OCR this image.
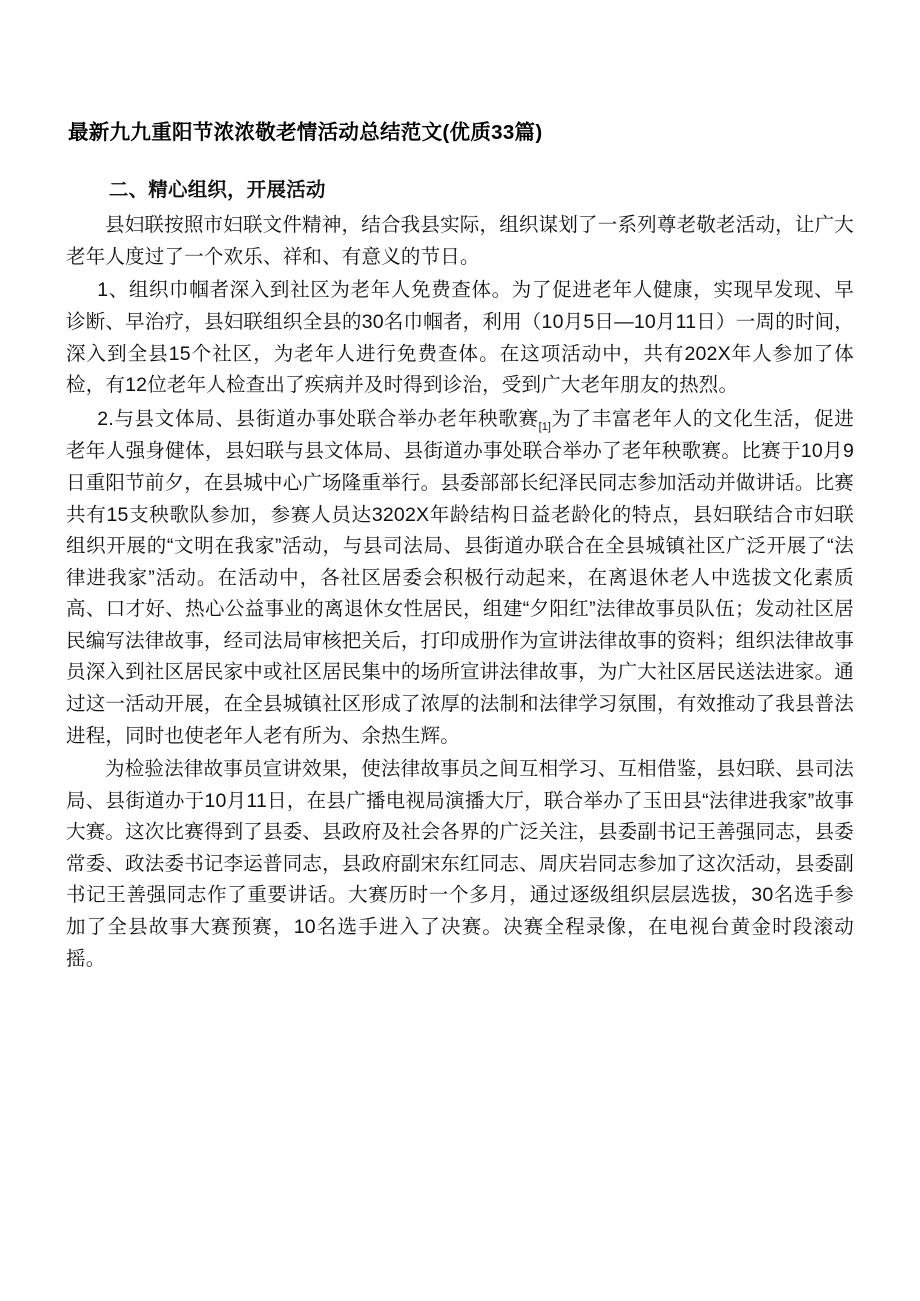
最新九九重阳节浓浓敬老情活动总结范文(优质33篇)

二、精心组织，开展活动

县妇联按照市妇联文件精神，结合我县实际，组织谋划了一系列尊老敬老活动，让广大老年人度过了一个欢乐、祥和、有意义的节日。

1、组织巾帼者深入到社区为老年人免费查体。为了促进老年人健康，实现早发现、早诊断、早治疗，县妇联组织全县的30名巾帼者，利用（10月5日—10月11日）一周的时间，深入到全县15个社区，为老年人进行免费查体。在这项活动中，共有202X年人参加了体检，有12位老年人检查出了疾病并及时得到诊治，受到广大老年朋友的热烈。

2.与县文体局、县街道办事处联合举办老年秧歌赛$_{[1]}$为了丰富老年人的文化生活，促进老年人强身健体，县妇联与县文体局、县街道办事处联合举办了老年秧歌赛。比赛于10月9日重阳节前夕，在县城中心广场隆重举行。县委部部长纪泽民同志参加活动并做讲话。比赛共有15支秧歌队参加，参赛人员达3202X年龄结构日益老龄化的特点，县妇联结合市妇联组织开展的“文明在我家”活动，与县司法局、县街道办联合在全县城镇社区广泛开展了“法律进我家”活动。在活动中，各社区居委会积极行动起来，在离退休老人中选拔文化素质高、口才好、热心公益事业的离退休女性居民，组建“夕阳红”法律故事员队伍；发动社区居民编写法律故事，经司法局审核把关后，打印成册作为宣讲法律故事的资料；组织法律故事员深入到社区居民家中或社区居民集中的场所宣讲法律故事，为广大社区居民送法进家。通过这一活动开展，在全县城镇社区形成了浓厚的法制和法律学习氛围，有效推动了我县普法进程，同时也使老年人老有所为、余热生辉。

为检验法律故事员宣讲效果，使法律故事员之间互相学习、互相借鉴，县妇联、县司法局、县街道办于10月11日，在县广播电视局演播大厅，联合举办了玉田县“法律进我家”故事大赛。这次比赛得到了县委、县政府及社会各界的广泛关注，县委副书记王善强同志，县委常委、政法委书记李运普同志，县政府副宋东红同志、周庆岩同志参加了这次活动，县委副书记王善强同志作了重要讲话。大赛历时一个多月，通过逐级组织层层选拔，30名选手参加了全县故事大赛预赛，10名选手进入了决赛。决赛全程录像，在电视台黄金时段滚动摇。
